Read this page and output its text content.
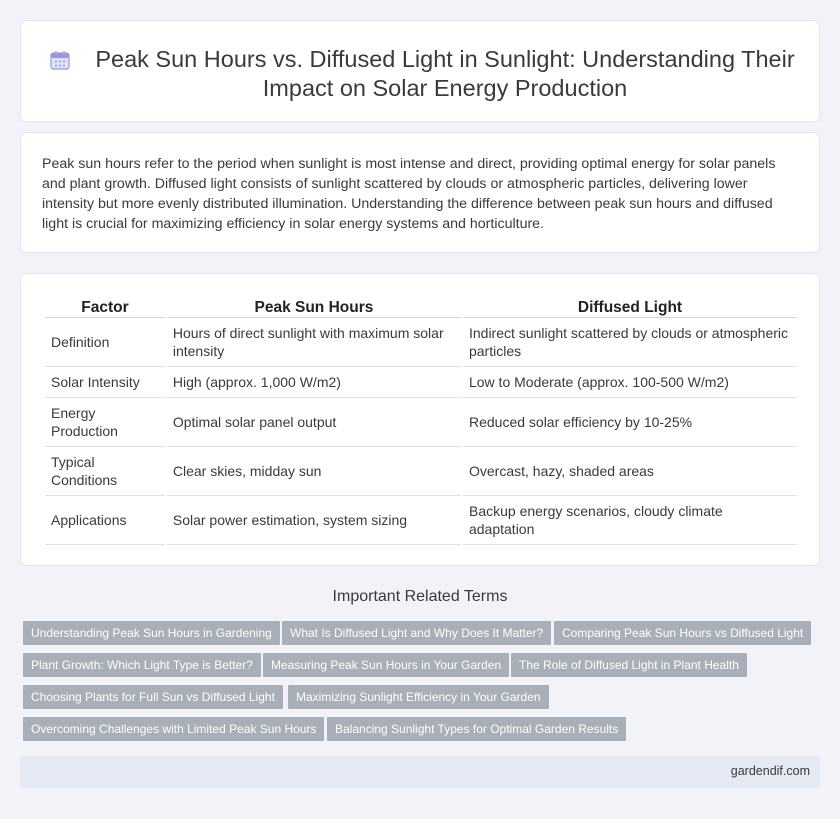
Peak Sun Hours vs. Diffused Light in Sunlight: Understanding Their Impact on Solar Energy Production

Peak sun hours refer to the period when sunlight is most intense and direct, providing optimal energy for solar panels and plant growth. Diffused light consists of sunlight scattered by clouds or atmospheric particles, delivering lower intensity but more evenly distributed illumination. Understanding the difference between peak sun hours and diffused light is crucial for maximizing efficiency in solar energy systems and horticulture.

Factor	Peak Sun Hours	Diffused Light
Definition	Hours of direct sunlight with maximum solar intensity	Indirect sunlight scattered by clouds or atmospheric particles
Solar Intensity	High (approx. 1,000 W/m2)	Low to Moderate (approx. 100-500 W/m2)
Energy Production	Optimal solar panel output	Reduced solar efficiency by 10-25%
Typical Conditions	Clear skies, midday sun	Overcast, hazy, shaded areas
Applications	Solar power estimation, system sizing	Backup energy scenarios, cloudy climate adaptation
Important Related Terms
Understanding Peak Sun Hours in Gardening	What Is Diffused Light and Why Does It Matter?	Comparing Peak Sun Hours vs Diffused Light
Plant Growth: Which Light Type is Better?	Measuring Peak Sun Hours in Your Garden	The Role of Diffused Light in Plant Health
Choosing Plants for Full Sun vs Diffused Light	Maximizing Sunlight Efficiency in Your Garden
Overcoming Challenges with Limited Peak Sun Hours	Balancing Sunlight Types for Optimal Garden Results
gardendif.com
